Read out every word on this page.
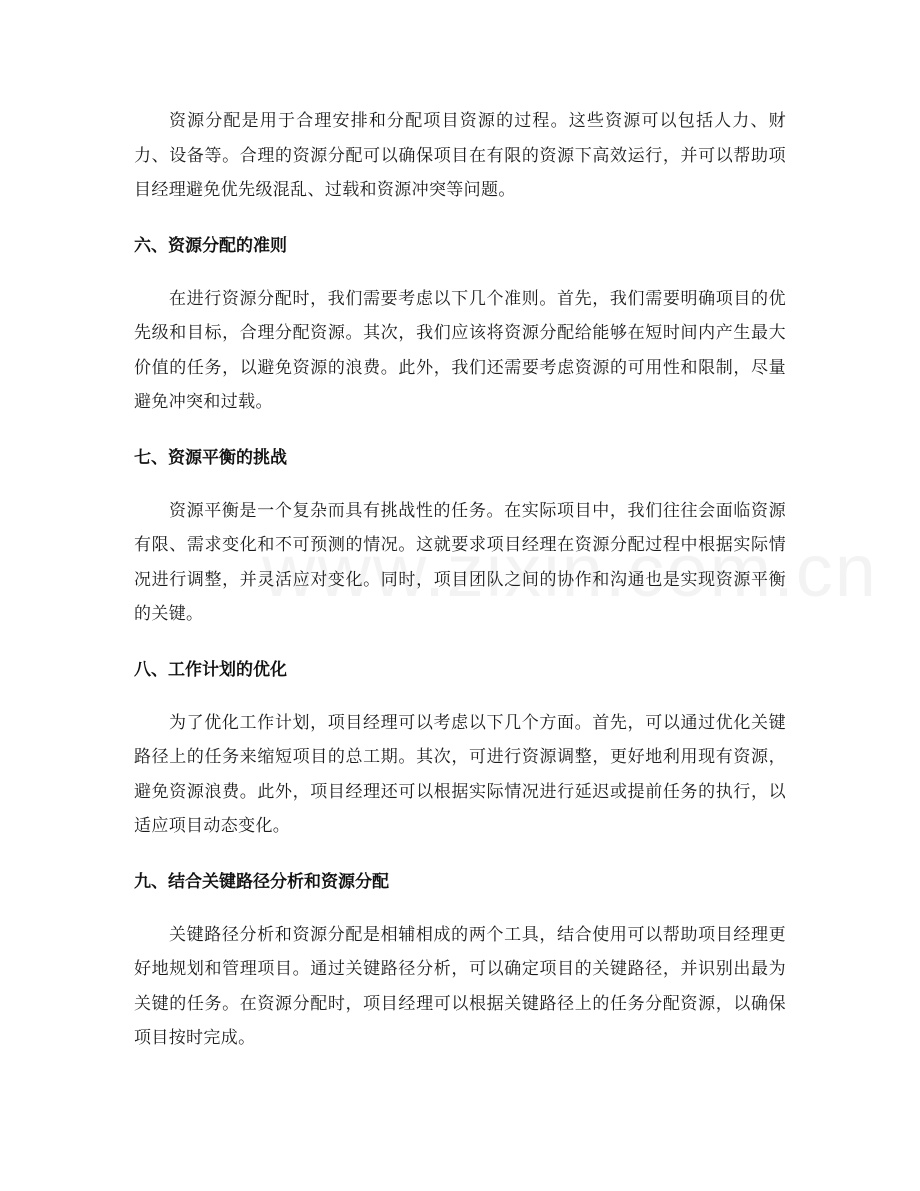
资源分配是用于合理安排和分配项目资源的过程。这些资源可以包括人力、财力、设备等。合理的资源分配可以确保项目在有限的资源下高效运行，并可以帮助项目经理避免优先级混乱、过载和资源冲突等问题。

六、资源分配的准则

在进行资源分配时，我们需要考虑以下几个准则。首先，我们需要明确项目的优先级和目标，合理分配资源。其次，我们应该将资源分配给能够在短时间内产生最大价值的任务，以避免资源的浪费。此外，我们还需要考虑资源的可用性和限制，尽量避免冲突和过载。

七、资源平衡的挑战

资源平衡是一个复杂而具有挑战性的任务。在实际项目中，我们往往会面临资源有限、需求变化和不可预测的情况。这就要求项目经理在资源分配过程中根据实际情况进行调整，并灵活应对变化。同时，项目团队之间的协作和沟通也是实现资源平衡的关键。

八、工作计划的优化

为了优化工作计划，项目经理可以考虑以下几个方面。首先，可以通过优化关键路径上的任务来缩短项目的总工期。其次，可进行资源调整，更好地利用现有资源，避免资源浪费。此外，项目经理还可以根据实际情况进行延迟或提前任务的执行，以适应项目动态变化。

九、结合关键路径分析和资源分配

关键路径分析和资源分配是相辅相成的两个工具，结合使用可以帮助项目经理更好地规划和管理项目。通过关键路径分析，可以确定项目的关键路径，并识别出最为关键的任务。在资源分配时，项目经理可以根据关键路径上的任务分配资源，以确保项目按时完成。
